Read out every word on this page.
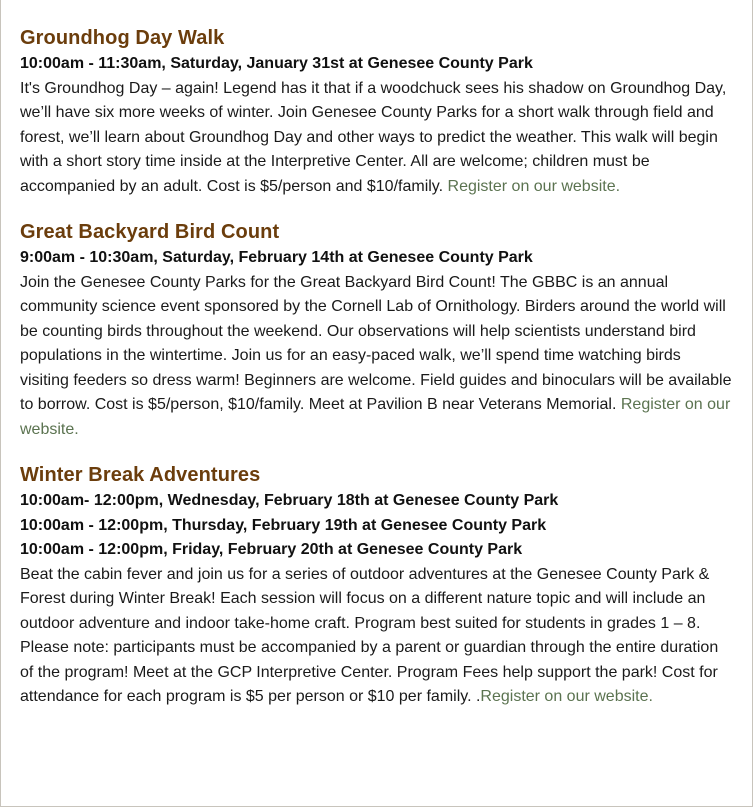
Groundhog Day Walk

10:00am - 11:30am, Saturday, January 31st at Genesee County Park

It's Groundhog Day – again! Legend has it that if a woodchuck sees his shadow on Groundhog Day, we’ll have six more weeks of winter. Join Genesee County Parks for a short walk through field and forest, we’ll learn about Groundhog Day and other ways to predict the weather. This walk will begin with a short story time inside at the Interpretive Center. All are welcome; children must be accompanied by an adult. Cost is $5/person and $10/family. Register on our website.

Great Backyard Bird Count

9:00am - 10:30am, Saturday, February 14th at Genesee County Park

Join the Genesee County Parks for the Great Backyard Bird Count! The GBBC is an annual community science event sponsored by the Cornell Lab of Ornithology. Birders around the world will be counting birds throughout the weekend. Our observations will help scientists understand bird populations in the wintertime. Join us for an easy-paced walk, we’ll spend time watching birds visiting feeders so dress warm! Beginners are welcome. Field guides and binoculars will be available to borrow. Cost is $5/person, $10/family. Meet at Pavilion B near Veterans Memorial. Register on our website.

Winter Break Adventures

10:00am- 12:00pm, Wednesday, February 18th at Genesee County Park

10:00am - 12:00pm, Thursday, February 19th at Genesee County Park

10:00am - 12:00pm, Friday, February 20th at Genesee County Park

Beat the cabin fever and join us for a series of outdoor adventures at the Genesee County Park & Forest during Winter Break! Each session will focus on a different nature topic and will include an outdoor adventure and indoor take-home craft. Program best suited for students in grades 1 – 8. Please note: participants must be accompanied by a parent or guardian through the entire duration of the program! Meet at the GCP Interpretive Center. Program Fees help support the park! Cost for attendance for each program is $5 per person or $10 per family. .Register on our website.
